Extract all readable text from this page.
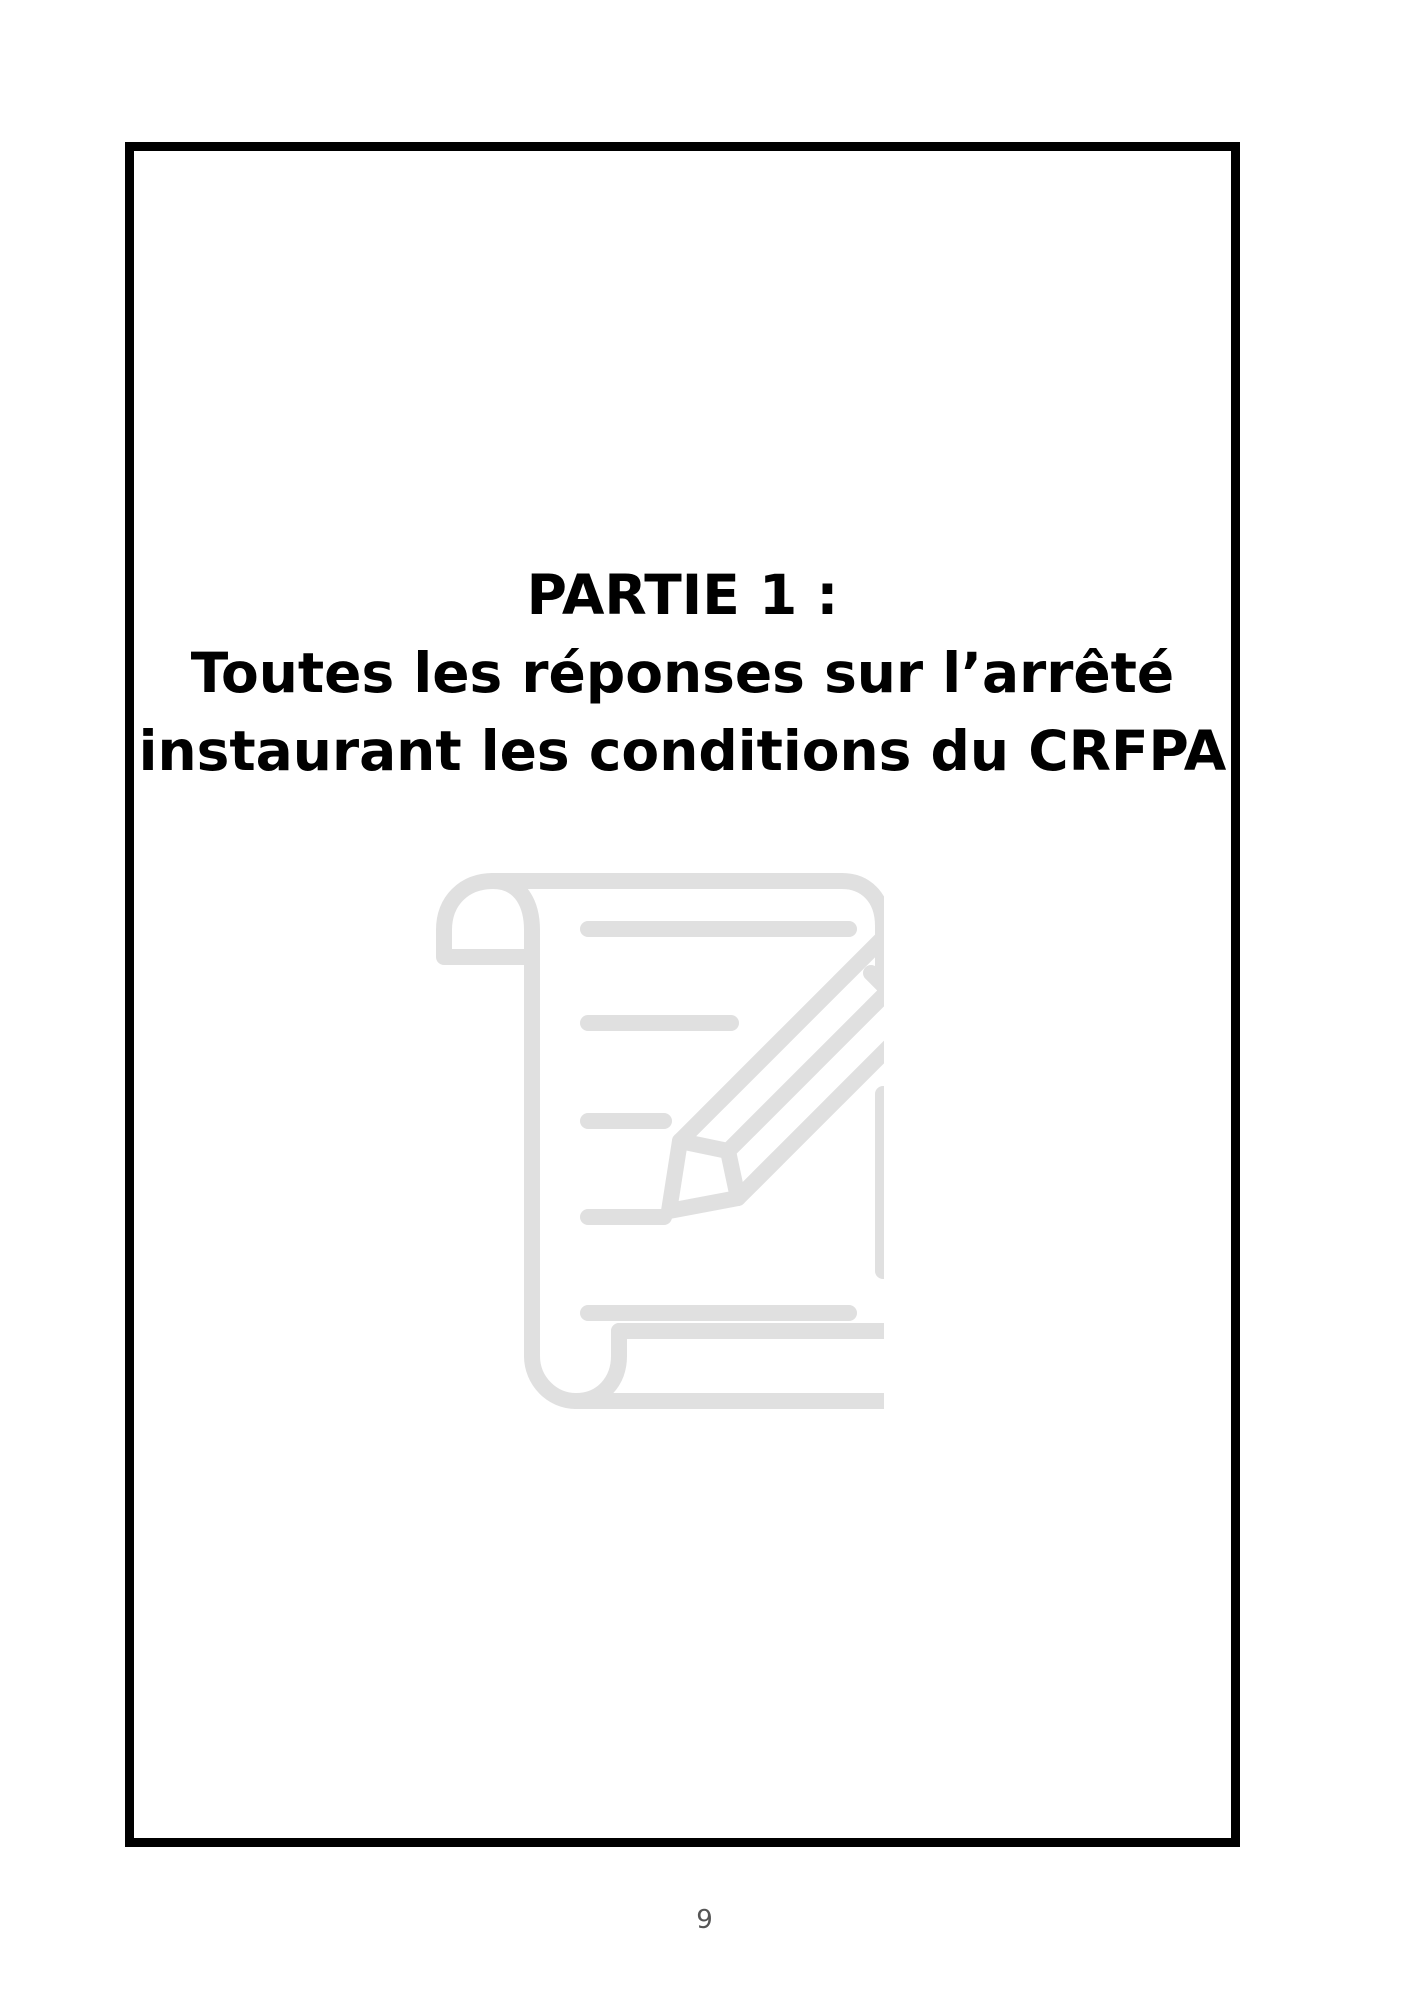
PARTIE 1 :
Toutes les réponses sur l’arrêté
instaurant les conditions du CRFPA
9
